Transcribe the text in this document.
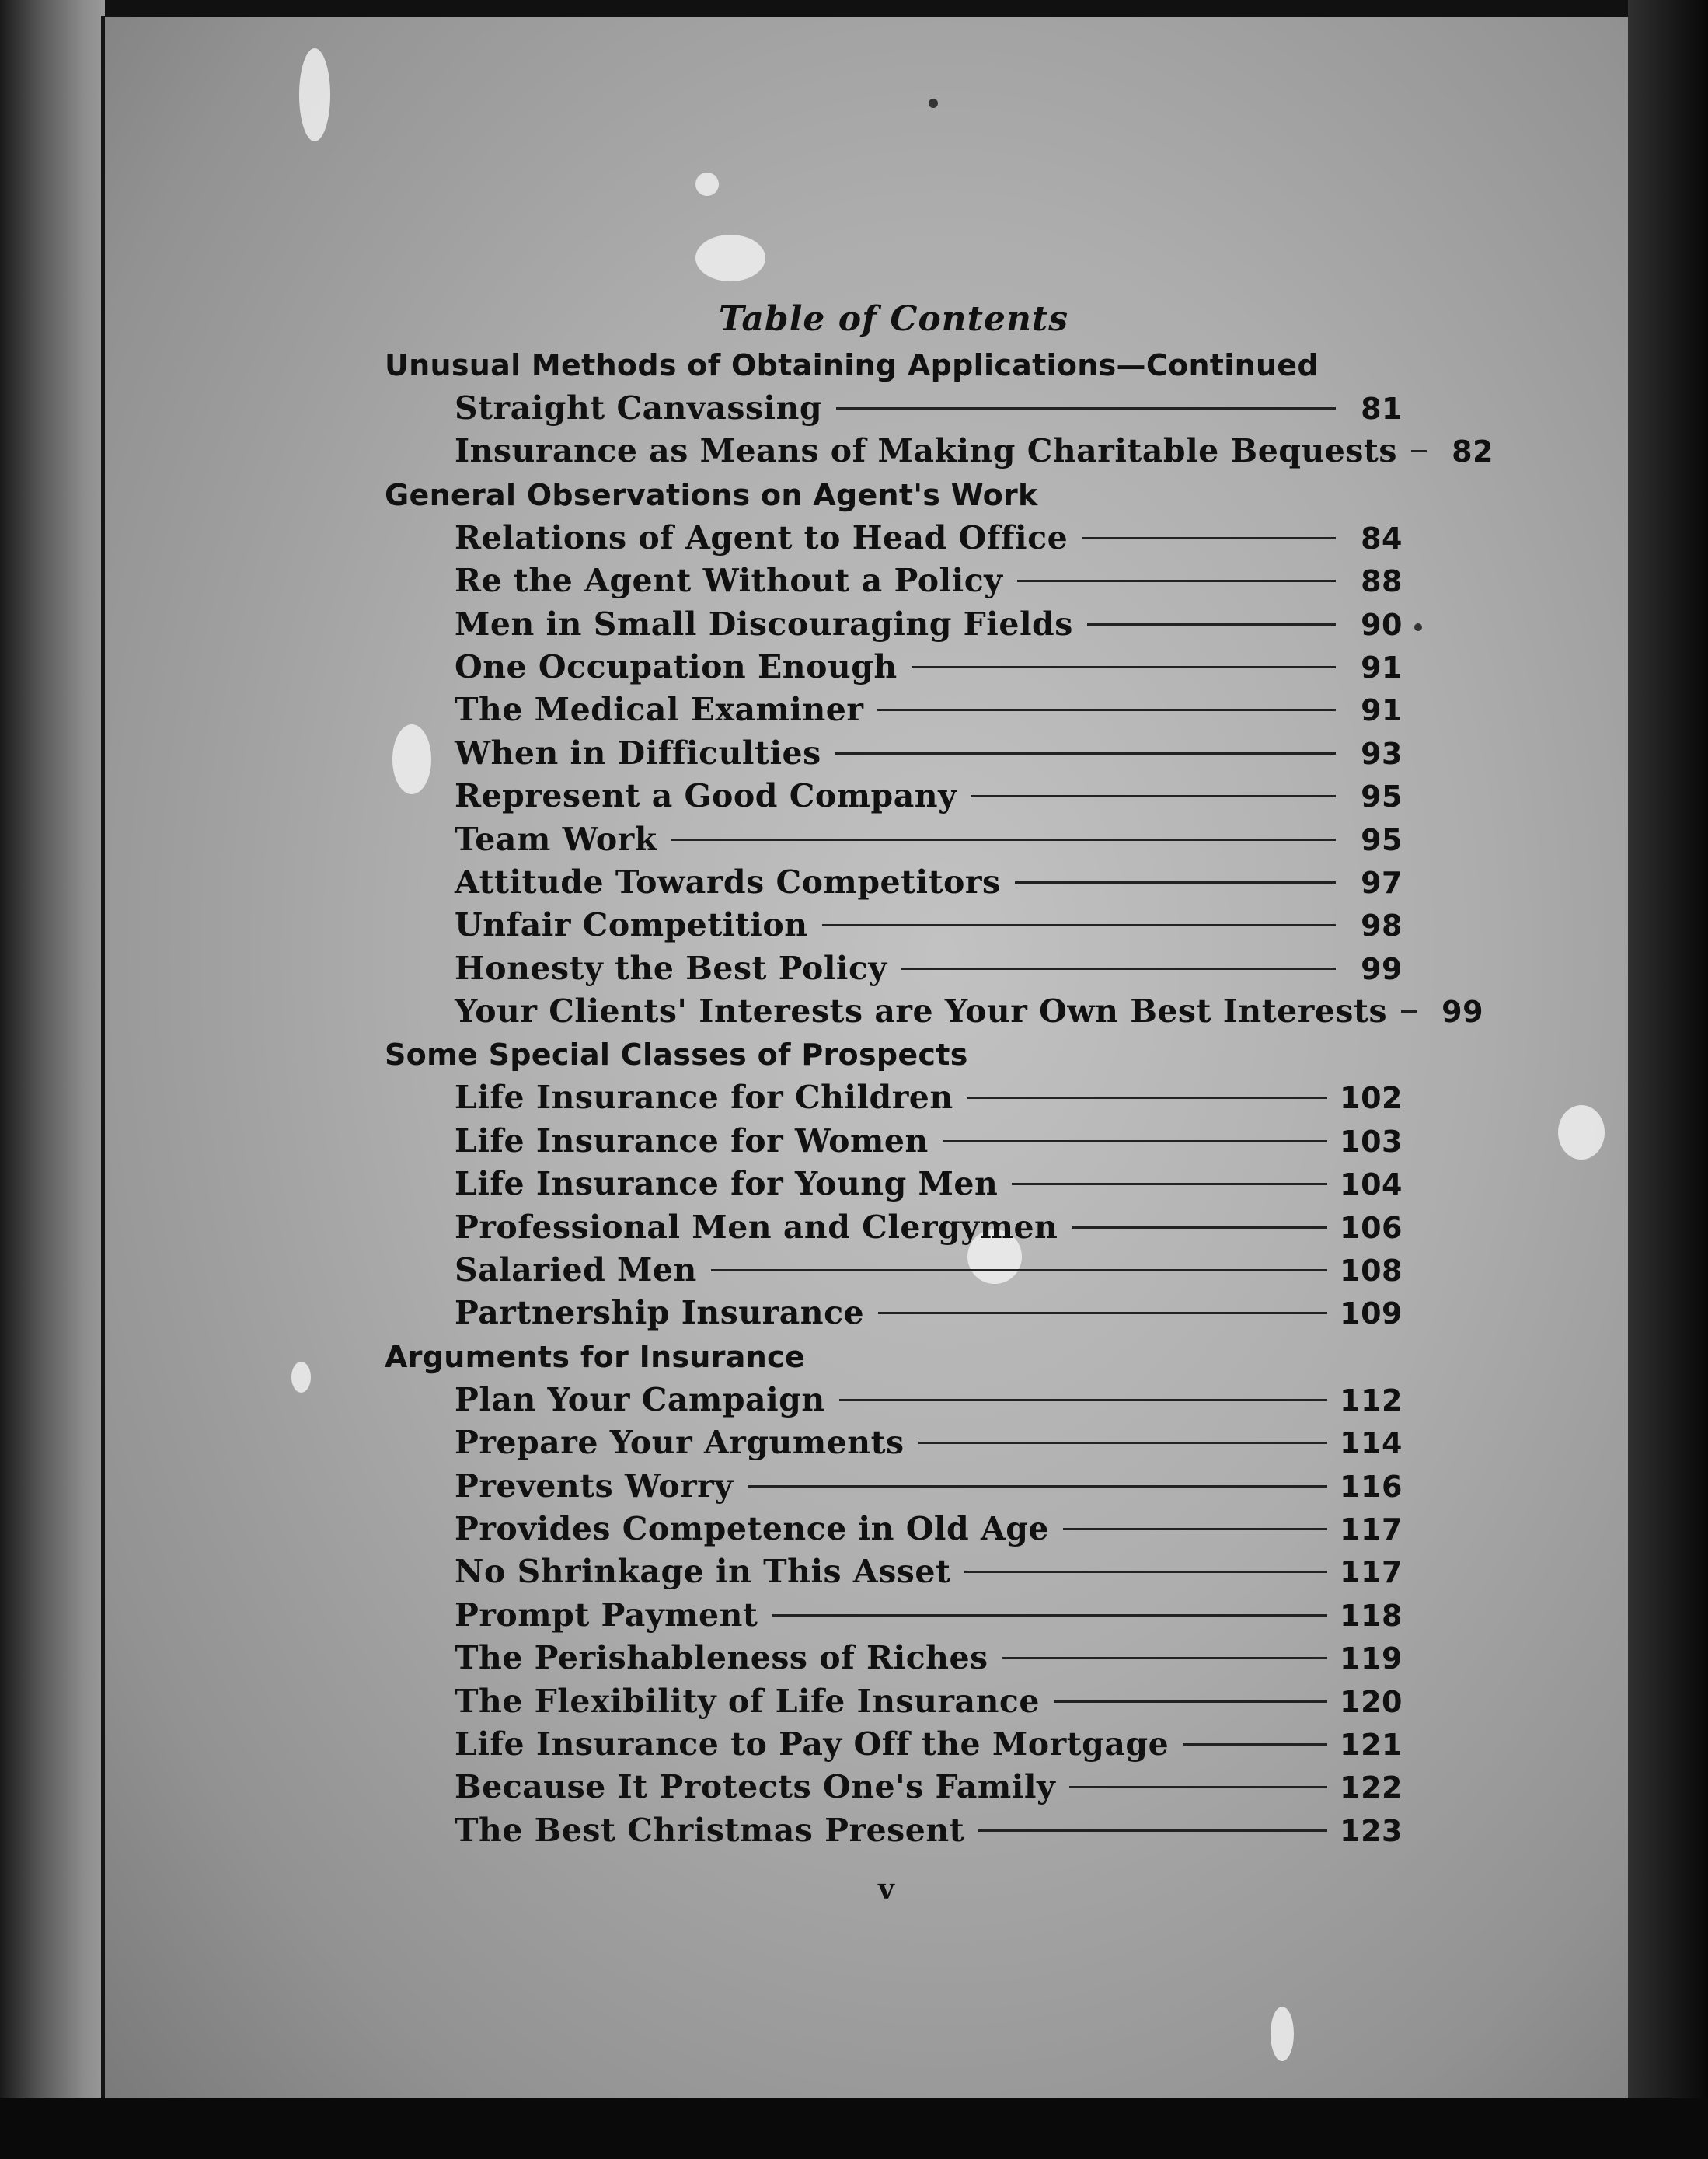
Table of Contents
Unusual Methods of Obtaining Applications—Continued
Straight Canvassing	81
Insurance as Means of Making Charitable Bequests	82
General Observations on Agent's Work
Relations of Agent to Head Office	84
Re the Agent Without a Policy	88
Men in Small Discouraging Fields	90
One Occupation Enough	91
The Medical Examiner	91
When in Difficulties	93
Represent a Good Company	95
Team Work	95
Attitude Towards Competitors	97
Unfair Competition	98
Honesty the Best Policy	99
Your Clients' Interests are Your Own Best Interests	99
Some Special Classes of Prospects
Life Insurance for Children	102
Life Insurance for Women	103
Life Insurance for Young Men	104
Professional Men and Clergymen	106
Salaried Men	108
Partnership Insurance	109
Arguments for Insurance
Plan Your Campaign	112
Prepare Your Arguments	114
Prevents Worry	116
Provides Competence in Old Age	117
No Shrinkage in This Asset	117
Prompt Payment	118
The Perishableness of Riches	119
The Flexibility of Life Insurance	120
Life Insurance to Pay Off the Mortgage	121
Because It Protects One's Family	122
The Best Christmas Present	123
v
